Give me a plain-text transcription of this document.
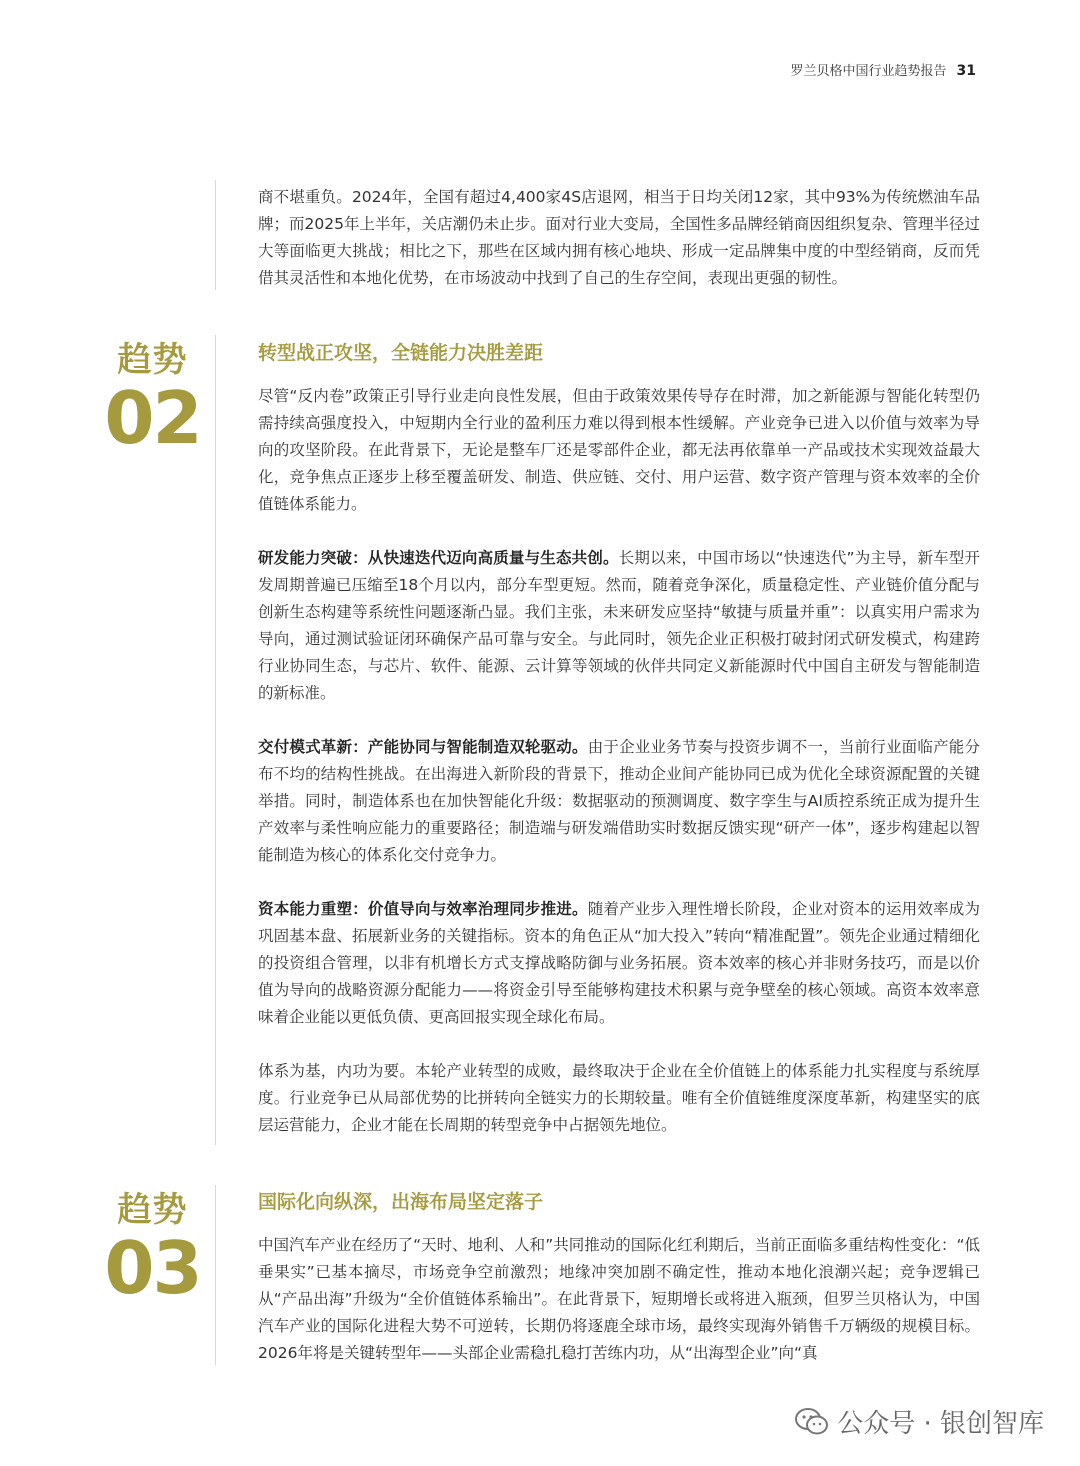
罗兰贝格中国行业趋势报告 31

商不堪重负。2024年，全国有超过4,400家4S店退网，相当于日均关闭12家，其中93%为传统燃油车品牌；而2025年上半年，关店潮仍未止步。面对行业大变局，全国性多品牌经销商因组织复杂、管理半径过大等面临更大挑战；相比之下，那些在区域内拥有核心地块、形成一定品牌集中度的中型经销商，反而凭借其灵活性和本地化优势，在市场波动中找到了自己的生存空间，表现出更强的韧性。

趋势
02
转型战正攻坚，全链能力决胜差距

尽管“反内卷”政策正引导行业走向良性发展，但由于政策效果传导存在时滞，加之新能源与智能化转型仍需持续高强度投入，中短期内全行业的盈利压力难以得到根本性缓解。产业竞争已进入以价值与效率为导向的攻坚阶段。在此背景下，无论是整车厂还是零部件企业，都无法再依靠单一产品或技术实现效益最大化，竞争焦点正逐步上移至覆盖研发、制造、供应链、交付、用户运营、数字资产管理与资本效率的全价值链体系能力。

研发能力突破：从快速迭代迈向高质量与生态共创。长期以来，中国市场以“快速迭代”为主导，新车型开发周期普遍已压缩至18个月以内，部分车型更短。然而，随着竞争深化，质量稳定性、产业链价值分配与创新生态构建等系统性问题逐渐凸显。我们主张，未来研发应坚持“敏捷与质量并重”：以真实用户需求为导向，通过测试验证闭环确保产品可靠与安全。与此同时，领先企业正积极打破封闭式研发模式，构建跨行业协同生态，与芯片、软件、能源、云计算等领域的伙伴共同定义新能源时代中国自主研发与智能制造的新标准。

交付模式革新：产能协同与智能制造双轮驱动。由于企业业务节奏与投资步调不一，当前行业面临产能分布不均的结构性挑战。在出海进入新阶段的背景下，推动企业间产能协同已成为优化全球资源配置的关键举措。同时，制造体系也在加快智能化升级：数据驱动的预测调度、数字孪生与AI质控系统正成为提升生产效率与柔性响应能力的重要路径；制造端与研发端借助实时数据反馈实现“研产一体”，逐步构建起以智能制造为核心的体系化交付竞争力。

资本能力重塑：价值导向与效率治理同步推进。随着产业步入理性增长阶段，企业对资本的运用效率成为巩固基本盘、拓展新业务的关键指标。资本的角色正从“加大投入”转向“精准配置”。领先企业通过精细化的投资组合管理，以非有机增长方式支撑战略防御与业务拓展。资本效率的核心并非财务技巧，而是以价值为导向的战略资源分配能力——将资金引导至能够构建技术积累与竞争壁垒的核心领域。高资本效率意味着企业能以更低负债、更高回报实现全球化布局。

体系为基，内功为要。本轮产业转型的成败，最终取决于企业在全价值链上的体系能力扎实程度与系统厚度。行业竞争已从局部优势的比拼转向全链实力的长期较量。唯有全价值链维度深度革新，构建坚实的底层运营能力，企业才能在长周期的转型竞争中占据领先地位。

趋势
03
国际化向纵深，出海布局坚定落子

中国汽车产业在经历了“天时、地利、人和”共同推动的国际化红利期后，当前正面临多重结构性变化：“低垂果实”已基本摘尽，市场竞争空前激烈；地缘冲突加剧不确定性，推动本地化浪潮兴起；竞争逻辑已从“产品出海”升级为“全价值链体系输出”。在此背景下，短期增长或将进入瓶颈，但罗兰贝格认为，中国汽车产业的国际化进程大势不可逆转，长期仍将逐鹿全球市场，最终实现海外销售千万辆级的规模目标。2026年将是关键转型年——头部企业需稳扎稳打苦练内功，从“出海型企业”向“真

公众号 · 银创智库
